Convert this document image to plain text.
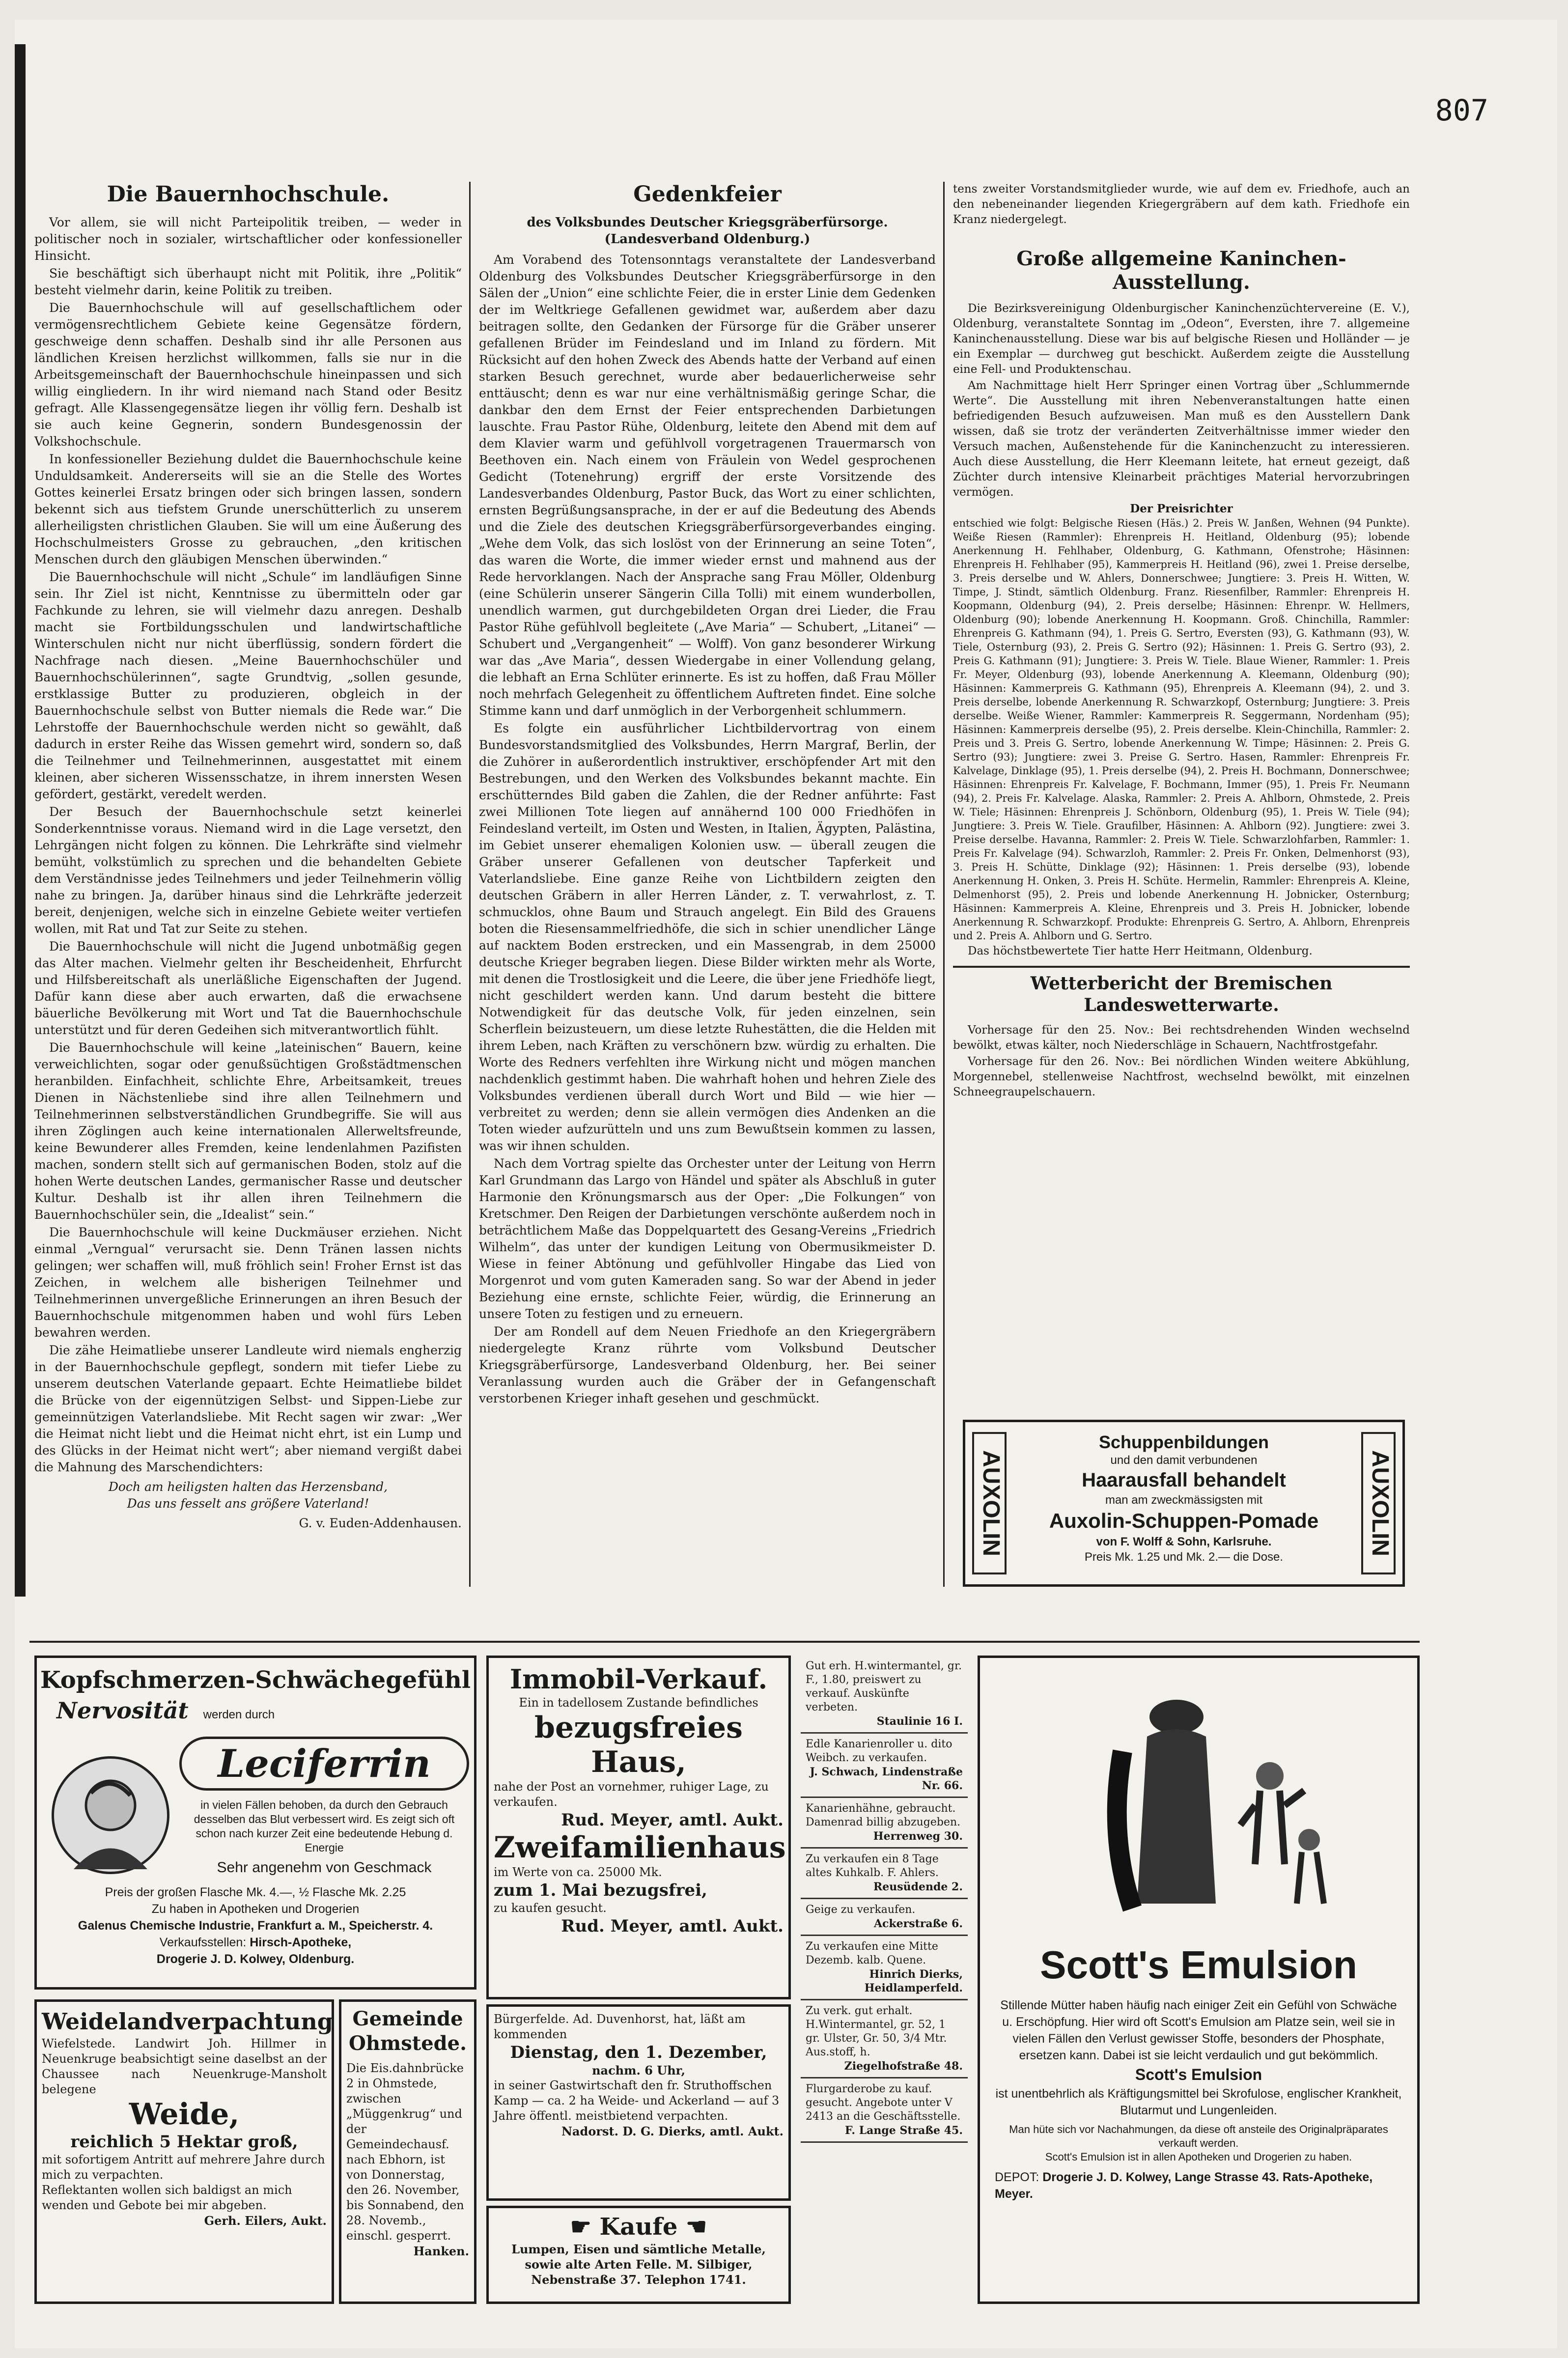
807
Die Bauernhochschule.

Vor allem, sie will nicht Parteipolitik treiben, — weder in politischer noch in sozialer, wirtschaftlicher oder konfessioneller Hinsicht.

Sie beschäftigt sich überhaupt nicht mit Politik, ihre „Politik“ besteht vielmehr darin, keine Politik zu treiben.

Die Bauernhochschule will auf gesellschaftlichem oder vermögensrechtlichem Gebiete keine Gegensätze fördern, geschweige denn schaffen. Deshalb sind ihr alle Personen aus ländlichen Kreisen herzlichst willkommen, falls sie nur in die Arbeitsgemeinschaft der Bauernhochschule hineinpassen und sich willig eingliedern. In ihr wird niemand nach Stand oder Besitz gefragt. Alle Klassengegensätze liegen ihr völlig fern. Deshalb ist sie auch keine Gegnerin, sondern Bundesgenossin der Volkshochschule.

In konfessioneller Beziehung duldet die Bauernhochschule keine Unduldsamkeit. Andererseits will sie an die Stelle des Wortes Gottes keinerlei Ersatz bringen oder sich bringen lassen, sondern bekennt sich aus tiefstem Grunde unerschütterlich zu unserem allerheiligsten christlichen Glauben. Sie will um eine Äußerung des Hochschulmeisters Grosse zu gebrauchen, „den kritischen Menschen durch den gläubigen Menschen überwinden.“

Die Bauernhochschule will nicht „Schule“ im landläufigen Sinne sein. Ihr Ziel ist nicht, Kenntnisse zu übermitteln oder gar Fachkunde zu lehren, sie will vielmehr dazu anregen. Deshalb macht sie Fortbildungsschulen und landwirtschaftliche Winterschulen nicht nur nicht überflüssig, sondern fördert die Nachfrage nach diesen. „Meine Bauernhochschüler und Bauernhochschülerinnen“, sagte Grundtvig, „sollen gesunde, erstklassige Butter zu produzieren, obgleich in der Bauernhochschule selbst von Butter niemals die Rede war.“ Die Lehrstoffe der Bauernhochschule werden nicht so gewählt, daß dadurch in erster Reihe das Wissen gemehrt wird, sondern so, daß die Teilnehmer und Teilnehmerinnen, ausgestattet mit einem kleinen, aber sicheren Wissensschatze, in ihrem innersten Wesen gefördert, gestärkt, veredelt werden.

Der Besuch der Bauernhochschule setzt keinerlei Sonderkenntnisse voraus. Niemand wird in die Lage versetzt, den Lehrgängen nicht folgen zu können. Die Lehrkräfte sind vielmehr bemüht, volkstümlich zu sprechen und die behandelten Gebiete dem Verständnisse jedes Teilnehmers und jeder Teilnehmerin völlig nahe zu bringen. Ja, darüber hinaus sind die Lehrkräfte jederzeit bereit, denjenigen, welche sich in einzelne Gebiete weiter vertiefen wollen, mit Rat und Tat zur Seite zu stehen.

Die Bauernhochschule will nicht die Jugend unbotmäßig gegen das Alter machen. Vielmehr gelten ihr Bescheidenheit, Ehrfurcht und Hilfsbereitschaft als unerläßliche Eigenschaften der Jugend. Dafür kann diese aber auch erwarten, daß die erwachsene bäuerliche Bevölkerung mit Wort und Tat die Bauernhochschule unterstützt und für deren Gedeihen sich mitverantwortlich fühlt.

Die Bauernhochschule will keine „lateinischen“ Bauern, keine verweichlichten, sogar oder genußsüchtigen Großstädtmenschen heranbilden. Einfachheit, schlichte Ehre, Arbeitsamkeit, treues Dienen in Nächstenliebe sind ihre allen Teilnehmern und Teilnehmerinnen selbstverständlichen Grundbegriffe. Sie will aus ihren Zöglingen auch keine internationalen Allerweltsfreunde, keine Bewunderer alles Fremden, keine lendenlahmen Pazifisten machen, sondern stellt sich auf germanischen Boden, stolz auf die hohen Werte deutschen Landes, germanischer Rasse und deutscher Kultur. Deshalb ist ihr allen ihren Teilnehmern die Bauernhochschüler sein, die „Idealist“ sein.“

Die Bauernhochschule will keine Duckmäuser erziehen. Nicht einmal „Verngual“ verursacht sie. Denn Tränen lassen nichts gelingen; wer schaffen will, muß fröhlich sein! Froher Ernst ist das Zeichen, in welchem alle bisherigen Teilnehmer und Teilnehmerinnen unvergeßliche Erinnerungen an ihren Besuch der Bauernhochschule mitgenommen haben und wohl fürs Leben bewahren werden.

Die zähe Heimatliebe unserer Landleute wird niemals engherzig in der Bauernhochschule gepflegt, sondern mit tiefer Liebe zu unserem deutschen Vaterlande gepaart. Echte Heimatliebe bildet die Brücke von der eigennützigen Selbst- und Sippen-Liebe zur gemeinnützigen Vaterlandsliebe. Mit Recht sagen wir zwar: „Wer die Heimat nicht liebt und die Heimat nicht ehrt, ist ein Lump und des Glücks in der Heimat nicht wert“; aber niemand vergißt dabei die Mahnung des Marschendichters:

Doch am heiligsten halten das Herzensband,
Das uns fesselt ans größere Vaterland!
G. v. Euden-Addenhausen.
Gedenkfeier
des Volksbundes Deutscher Kriegsgräberfürsorge.
(Landesverband Oldenburg.)

Am Vorabend des Totensonntags veranstaltete der Landesverband Oldenburg des Volksbundes Deutscher Kriegsgräberfürsorge in den Sälen der „Union“ eine schlichte Feier, die in erster Linie dem Gedenken der im Weltkriege Gefallenen gewidmet war, außerdem aber dazu beitragen sollte, den Gedanken der Fürsorge für die Gräber unserer gefallenen Brüder im Feindesland und im Inland zu fördern. Mit Rücksicht auf den hohen Zweck des Abends hatte der Verband auf einen starken Besuch gerechnet, wurde aber bedauerlicherweise sehr enttäuscht; denn es war nur eine verhältnismäßig geringe Schar, die dankbar den dem Ernst der Feier entsprechenden Darbietungen lauschte. Frau Pastor Rühe, Oldenburg, leitete den Abend mit dem auf dem Klavier warm und gefühlvoll vorgetragenen Trauermarsch von Beethoven ein. Nach einem von Fräulein von Wedel gesprochenen Gedicht (Totenehrung) ergriff der erste Vorsitzende des Landesverbandes Oldenburg, Pastor Buck, das Wort zu einer schlichten, ernsten Begrüßungsansprache, in der er auf die Bedeutung des Abends und die Ziele des deutschen Kriegsgräberfürsorgeverbandes einging. „Wehe dem Volk, das sich loslöst von der Erinnerung an seine Toten“, das waren die Worte, die immer wieder ernst und mahnend aus der Rede hervorklangen. Nach der Ansprache sang Frau Möller, Oldenburg (eine Schülerin unserer Sängerin Cilla Tolli) mit einem wunderbollen, unendlich warmen, gut durchgebildeten Organ drei Lieder, die Frau Pastor Rühe gefühlvoll begleitete („Ave Maria“ — Schubert, „Litanei“ — Schubert und „Vergangenheit“ — Wolff). Von ganz besonderer Wirkung war das „Ave Maria“, dessen Wiedergabe in einer Vollendung gelang, die lebhaft an Erna Schlüter erinnerte. Es ist zu hoffen, daß Frau Möller noch mehrfach Gelegenheit zu öffentlichem Auftreten findet. Eine solche Stimme kann und darf unmöglich in der Verborgenheit schlummern.

Es folgte ein ausführlicher Lichtbildervortrag von einem Bundesvorstandsmitglied des Volksbundes, Herrn Margraf, Berlin, der die Zuhörer in außerordentlich instruktiver, erschöpfender Art mit den Bestrebungen, und den Werken des Volksbundes bekannt machte. Ein erschütterndes Bild gaben die Zahlen, die der Redner anführte: Fast zwei Millionen Tote liegen auf annähernd 100 000 Friedhöfen in Feindesland verteilt, im Osten und Westen, in Italien, Ägypten, Palästina, im Gebiet unserer ehemaligen Kolonien usw. — überall zeugen die Gräber unserer Gefallenen von deutscher Tapferkeit und Vaterlandsliebe. Eine ganze Reihe von Lichtbildern zeigten den deutschen Gräbern in aller Herren Länder, z. T. verwahrlost, z. T. schmucklos, ohne Baum und Strauch angelegt. Ein Bild des Grauens boten die Riesensammelfriedhöfe, die sich in schier unendlicher Länge auf nacktem Boden erstrecken, und ein Massengrab, in dem 25000 deutsche Krieger begraben liegen. Diese Bilder wirkten mehr als Worte, mit denen die Trostlosigkeit und die Leere, die über jene Friedhöfe liegt, nicht geschildert werden kann. Und darum besteht die bittere Notwendigkeit für das deutsche Volk, für jeden einzelnen, sein Scherflein beizusteuern, um diese letzte Ruhestätten, die die Helden mit ihrem Leben, nach Kräften zu verschönern bzw. würdig zu erhalten. Die Worte des Redners verfehlten ihre Wirkung nicht und mögen manchen nachdenklich gestimmt haben. Die wahrhaft hohen und hehren Ziele des Volksbundes verdienen überall durch Wort und Bild — wie hier — verbreitet zu werden; denn sie allein vermögen dies Andenken an die Toten wieder aufzurütteln und uns zum Bewußtsein kommen zu lassen, was wir ihnen schulden.

Nach dem Vortrag spielte das Orchester unter der Leitung von Herrn Karl Grundmann das Largo von Händel und später als Abschluß in guter Harmonie den Krönungsmarsch aus der Oper: „Die Folkungen“ von Kretschmer. Den Reigen der Darbietungen verschönte außerdem noch in beträchtlichem Maße das Doppelquartett des Gesang-Vereins „Friedrich Wilhelm“, das unter der kundigen Leitung von Obermusikmeister D. Wiese in feiner Abtönung und gefühlvoller Hingabe das Lied von Morgenrot und vom guten Kameraden sang. So war der Abend in jeder Beziehung eine ernste, schlichte Feier, würdig, die Erinnerung an unsere Toten zu festigen und zu erneuern.

Der am Rondell auf dem Neuen Friedhofe an den Kriegergräbern niedergelegte Kranz rührte vom Volksbund Deutscher Kriegsgräberfürsorge, Landesverband Oldenburg, her. Bei seiner Veranlassung wurden auch die Gräber der in Gefangenschaft verstorbenen Krieger inhaft gesehen und geschmückt.

tens zweiter Vorstandsmitglieder wurde, wie auf dem ev. Friedhofe, auch an den nebeneinander liegenden Kriegergräbern auf dem kath. Friedhofe ein Kranz niedergelegt.

Große allgemeine Kaninchen-Ausstellung.

Die Bezirksvereinigung Oldenburgischer Kaninchenzüchtervereine (E. V.), Oldenburg, veranstaltete Sonntag im „Odeon“, Eversten, ihre 7. allgemeine Kaninchenausstellung. Diese war bis auf belgische Riesen und Holländer — je ein Exemplar — durchweg gut beschickt. Außerdem zeigte die Ausstellung eine Fell- und Produktenschau.

Am Nachmittage hielt Herr Springer einen Vortrag über „Schlummernde Werte“. Die Ausstellung mit ihren Nebenveranstaltungen hatte einen befriedigenden Besuch aufzuweisen. Man muß es den Ausstellern Dank wissen, daß sie trotz der veränderten Zeitverhältnisse immer wieder den Versuch machen, Außenstehende für die Kaninchenzucht zu interessieren. Auch diese Ausstellung, die Herr Kleemann leitete, hat erneut gezeigt, daß Züchter durch intensive Kleinarbeit prächtiges Material hervorzubringen vermögen.

Der Preisrichter

entschied wie folgt: Belgische Riesen (Häs.) 2. Preis W. Janßen, Wehnen (94 Punkte). Weiße Riesen (Rammler): Ehrenpreis H. Heitland, Oldenburg (95); lobende Anerkennung H. Fehlhaber, Oldenburg, G. Kathmann, Ofenstrohe; Häsinnen: Ehrenpreis H. Fehlhaber (95), Kammerpreis H. Heitland (96), zwei 1. Preise derselbe, 3. Preis derselbe und W. Ahlers, Donnerschwee; Jungtiere: 3. Preis H. Witten, W. Timpe, J. Stindt, sämtlich Oldenburg. Franz. Riesenfilber, Rammler: Ehrenpreis H. Koopmann, Oldenburg (94), 2. Preis derselbe; Häsinnen: Ehrenpr. W. Hellmers, Oldenburg (90); lobende Anerkennung H. Koopmann. Groß. Chinchilla, Rammler: Ehrenpreis G. Kathmann (94), 1. Preis G. Sertro, Eversten (93), G. Kathmann (93), W. Tiele, Osternburg (93), 2. Preis G. Sertro (92); Häsinnen: 1. Preis G. Sertro (93), 2. Preis G. Kathmann (91); Jungtiere: 3. Preis W. Tiele. Blaue Wiener, Rammler: 1. Preis Fr. Meyer, Oldenburg (93), lobende Anerkennung A. Kleemann, Oldenburg (90); Häsinnen: Kammerpreis G. Kathmann (95), Ehrenpreis A. Kleemann (94), 2. und 3. Preis derselbe, lobende Anerkennung R. Schwarzkopf, Osternburg; Jungtiere: 3. Preis derselbe. Weiße Wiener, Rammler: Kammerpreis R. Seggermann, Nordenham (95); Häsinnen: Kammerpreis derselbe (95), 2. Preis derselbe. Klein-Chinchilla, Rammler: 2. Preis und 3. Preis G. Sertro, lobende Anerkennung W. Timpe; Häsinnen: 2. Preis G. Sertro (93); Jungtiere: zwei 3. Preise G. Sertro. Hasen, Rammler: Ehrenpreis Fr. Kalvelage, Dinklage (95), 1. Preis derselbe (94), 2. Preis H. Bochmann, Donnerschwee; Häsinnen: Ehrenpreis Fr. Kalvelage, F. Bochmann, Immer (95), 1. Preis Fr. Neumann (94), 2. Preis Fr. Kalvelage. Alaska, Rammler: 2. Preis A. Ahlborn, Ohmstede, 2. Preis W. Tiele; Häsinnen: Ehrenpreis J. Schönborn, Oldenburg (95), 1. Preis W. Tiele (94); Jungtiere: 3. Preis W. Tiele. Graufilber, Häsinnen: A. Ahlborn (92). Jungtiere: zwei 3. Preise derselbe. Havanna, Rammler: 2. Preis W. Tiele. Schwarzlohfarben, Rammler: 1. Preis Fr. Kalvelage (94). Schwarzloh, Rammler: 2. Preis Fr. Onken, Delmenhorst (93), 3. Preis H. Schütte, Dinklage (92); Häsinnen: 1. Preis derselbe (93), lobende Anerkennung H. Onken, 3. Preis H. Schüte. Hermelin, Rammler: Ehrenpreis A. Kleine, Delmenhorst (95), 2. Preis und lobende Anerkennung H. Jobnicker, Osternburg; Häsinnen: Kammerpreis A. Kleine, Ehrenpreis und 3. Preis H. Jobnicker, lobende Anerkennung R. Schwarzkopf. Produkte: Ehrenpreis G. Sertro, A. Ahlborn, Ehrenpreis und 2. Preis A. Ahlborn und G. Sertro.

Das höchstbewertete Tier hatte Herr Heitmann, Oldenburg.

Wetterbericht der Bremischen Landeswetterwarte.

Vorhersage für den 25. Nov.: Bei rechtsdrehenden Winden wechselnd bewölkt, etwas kälter, noch Niederschläge in Schauern, Nachtfrostgefahr.

Vorhersage für den 26. Nov.: Bei nördlichen Winden weitere Abkühlung, Morgennebel, stellenweise Nachtfrost, wechselnd bewölkt, mit einzelnen Schneegraupelschauern.

AUXOLIN	AUXOLIN
Schuppenbildungen
und den damit verbundenen
Haarausfall behandelt
man am zweckmässigsten mit
Auxolin-Schuppen-Pomade
von F. Wolff & Sohn, Karlsruhe.
Preis Mk. 1.25 und Mk. 2.— die Dose.
Kopfschmerzen-Schwächegefühl
Nervosität werden durch
Leciferrin
in vielen Fällen behoben, da durch den Gebrauch desselben das Blut verbessert wird. Es zeigt sich oft schon nach kurzer Zeit eine bedeutende Hebung d. Energie
Sehr angenehm von Geschmack
Preis der großen Flasche Mk. 4.—, ½ Flasche Mk. 2.25
Zu haben in Apotheken und Drogerien
Galenus Chemische Industrie, Frankfurt a. M., Speicherstr. 4.
Verkaufsstellen: Hirsch-Apotheke,
Drogerie J. D. Kolwey, Oldenburg.
Weidelandverpachtung
Wiefelstede. Landwirt Joh. Hillmer in Neuenkruge beabsichtigt seine daselbst an der Chaussee nach Neuenkruge-Mansholt belegene
Weide,
reichlich 5 Hektar groß,
mit sofortigem Antritt auf mehrere Jahre durch mich zu verpachten.
Reflektanten wollen sich baldigst an mich wenden und Gebote bei mir abgeben.
Gerh. Eilers, Aukt.
Gemeinde Ohmstede.
Die Eis.dahnbrücke 2 in Ohmstede, zwischen „Müggenkrug“ und der Gemeindechausf. nach Ebhorn, ist von Donnerstag, den 26. November, bis Sonnabend, den 28. Novemb., einschl. gesperrt.
Hanken.
Immobil-Verkauf.
Ein in tadellosem Zustande befindliches
bezugsfreies Haus,
nahe der Post an vornehmer, ruhiger Lage, zu verkaufen.
Rud. Meyer, amtl. Aukt.
Zweifamilienhaus
im Werte von ca. 25000 Mk.
zum 1. Mai bezugsfrei,
zu kaufen gesucht.
Rud. Meyer, amtl. Aukt.
Bürgerfelde. Ad. Duvenhorst, hat, läßt am kommenden
Dienstag, den 1. Dezember,
nachm. 6 Uhr,
in seiner Gastwirtschaft den fr. Struthoffschen Kamp — ca. 2 ha Weide- und Ackerland — auf 3 Jahre öffentl. meistbietend verpachten.
Nadorst. D. G. Dierks, amtl. Aukt.
☛ Kaufe ☚
Lumpen, Eisen und sämtliche Metalle, sowie alte Arten Felle. M. Silbiger, Nebenstraße 37. Telephon 1741.
Gut erh. H.wintermantel, gr. F., 1.80, preiswert zu verkauf. Auskünfte verbeten.
Staulinie 16 I.
Edle Kanarienroller u. dito Weibch. zu verkaufen.
J. Schwach, Lindenstraße Nr. 66.
Kanarienhähne, gebraucht. Damenrad billig abzugeben.
Herrenweg 30.
Zu verkaufen ein 8 Tage altes Kuhkalb. F. Ahlers.
Reusüdende 2.
Geige zu verkaufen.
Ackerstraße 6.
Zu verkaufen eine Mitte Dezemb. kalb. Quene.
Hinrich Dierks, Heidlamperfeld.
Zu verk. gut erhalt. H.Wintermantel, gr. 52, 1 gr. Ulster, Gr. 50, 3/4 Mtr. Aus.stoff, h.
Ziegelhofstraße 48.
Flurgarderobe zu kauf. gesucht. Angebote unter V 2413 an die Geschäftsstelle.
F. Lange Straße 45.
Scott's Emulsion
Stillende Mütter haben häufig nach einiger Zeit ein Gefühl von Schwäche u. Erschöpfung. Hier wird oft Scott's Emulsion am Platze sein, weil sie in vielen Fällen den Verlust gewisser Stoffe, besonders der Phosphate, ersetzen kann. Dabei ist sie leicht verdaulich und gut bekömmlich.
Scott's Emulsion
ist unentbehrlich als Kräftigungsmittel bei Skrofulose, englischer Krankheit, Blutarmut und Lungenleiden.
Man hüte sich vor Nachahmungen, da diese oft ansteile des Originalpräparates verkauft werden.
Scott's Emulsion ist in allen Apotheken und Drogerien zu haben.
DEPOT: Drogerie J. D. Kolwey, Lange Strasse 43. Rats-Apotheke, Meyer.
